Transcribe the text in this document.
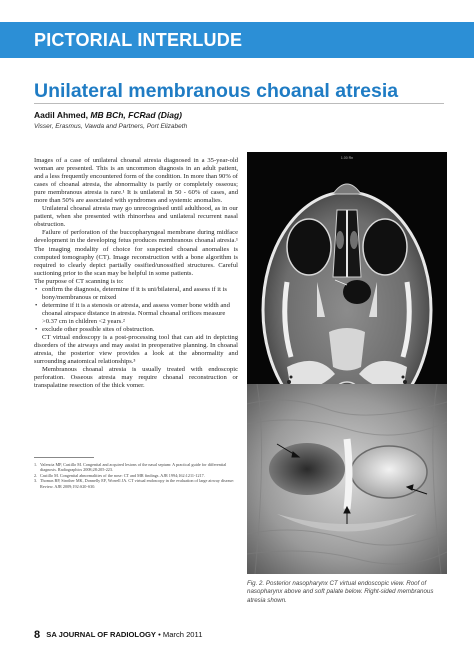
PICTORIAL INTERLUDE
Unilateral membranous choanal atresia
Aadil Ahmed, MB BCh, FCRad (Diag)
Visser, Erasmus, Vawda and Partners, Port Elizabeth

Images of a case of unilateral choanal atresia diagnosed in a 35-year-old woman are presented. This is an uncommon diagnosis in an adult patient, and a less frequently encountered form of the condition. In more than 90% of cases of choanal atresia, the abnormality is partly or completely osseous; pure membranous atresia is rare.¹ It is unilateral in 50 - 60% of cases, and more than 50% are associated with syndromes and systemic anomalies.

Unilateral choanal atresia may go unrecognised until adulthood, as in our patient, when she presented with rhinorrhea and unilateral recurrent nasal obstruction.

Failure of perforation of the buccopharyngeal membrane during midface development in the developing fetus produces membranous choanal atresia.¹ The imaging modality of choice for suspected choanal anomalies is computed tomography (CT). Image reconstruction with a bone algorithm is required to clearly depict partially ossified/unossified structures. Careful suctioning prior to the scan may be helpful in some patients.

The purpose of CT scanning is to:

• confirm the diagnosis, determine if it is uni/bilateral, and assess if it is bony/membranous or mixed
• determine if it is a stenosis or atresia, and assess vomer bone width and choanal airspace distance in atresia. Normal choanal orifices measure >0.37 cm in children <2 years.²
• exclude other possible sites of obstruction.

CT virtual endoscopy is a post-processing tool that can aid in depicting disorders of the airways and may assist in preoperative planning. In choanal atresia, the posterior view provides a look at the abnormality and surrounding anatomical relationships.³

Membranous choanal atresia is usually treated with endoscopic perforation. Osseous atresia may require choanal reconstruction or transpalatine resection of the thick vomer.

1. Valencia MP, Castillo M. Congenital and acquired lesions of the nasal septum: A practical guide for differential diagnosis. Radiographics 2008;28:205-223.
2. Castillo M. Congenital abnormalities of the nose: CT and MR findings. AJR 1994;162:1211-1217.
3. Thomas BP, Strother MK, Donnelly EF, Worrell JA. CT virtual endoscopy in the evaluation of large airway disease: Review. AJR 2009;192:S20-S30.
1.00 Rn
Fig. 2. Posterior nasopharynx CT virtual endoscopic view. Roof of nasopharynx above and soft palate below. Right-sided membranous atresia shown.
8 SA JOURNAL OF RADIOLOGY • March 2011
